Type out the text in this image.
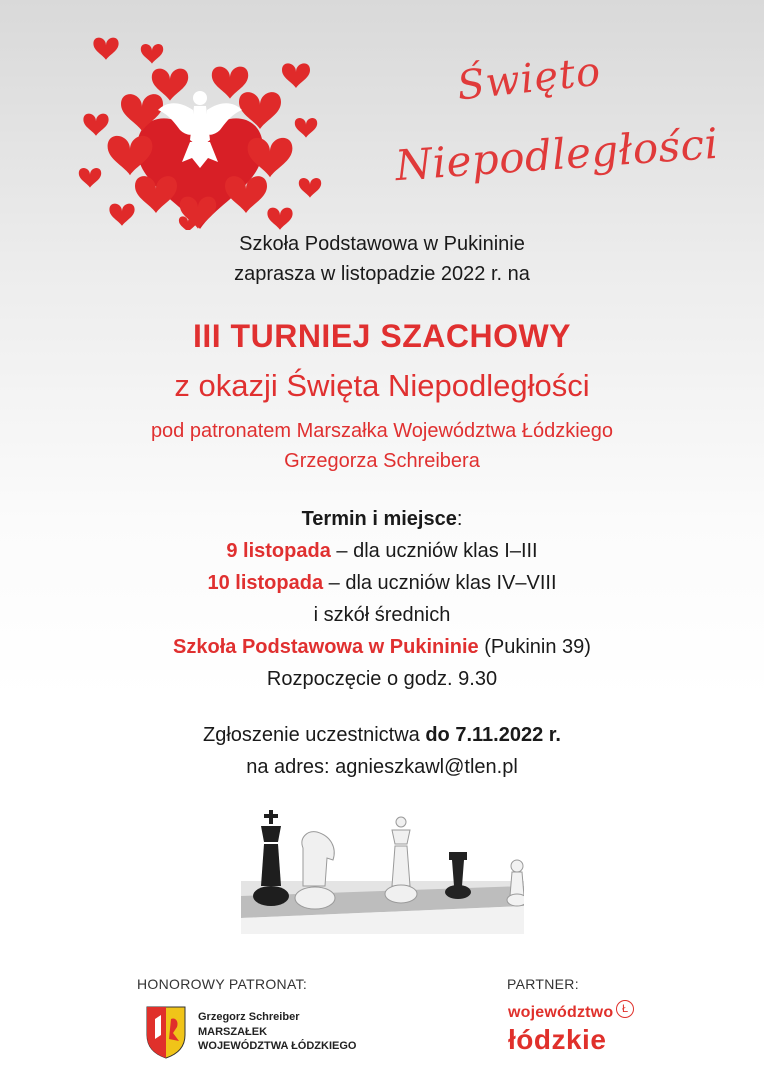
Święto
Niepodległości
Szkoła Podstawowa w Pukininie
zaprasza w listopadzie 2022 r. na
III TURNIEJ SZACHOWY
z okazji Święta Niepodległości
pod patronatem Marszałka Województwa Łódzkiego
Grzegorza Schreibera
Termin i miejsce:
9 listopada – dla uczniów klas I–III
10 listopada – dla uczniów klas IV–VIII
i szkół średnich
Szkoła Podstawowa w Pukininie (Pukinin 39)
Rozpoczęcie o godz. 9.30
Zgłoszenie uczestnictwa do 7.11.2022 r.
na adres: agnieszkawl@tlen.pl
HONOROWY PATRONAT:	PARTNER:
Grzegorz Schreiber
MARSZAŁEK
WOJEWÓDZTWA ŁÓDZKIEGO
województwo Ł
łódzkie
